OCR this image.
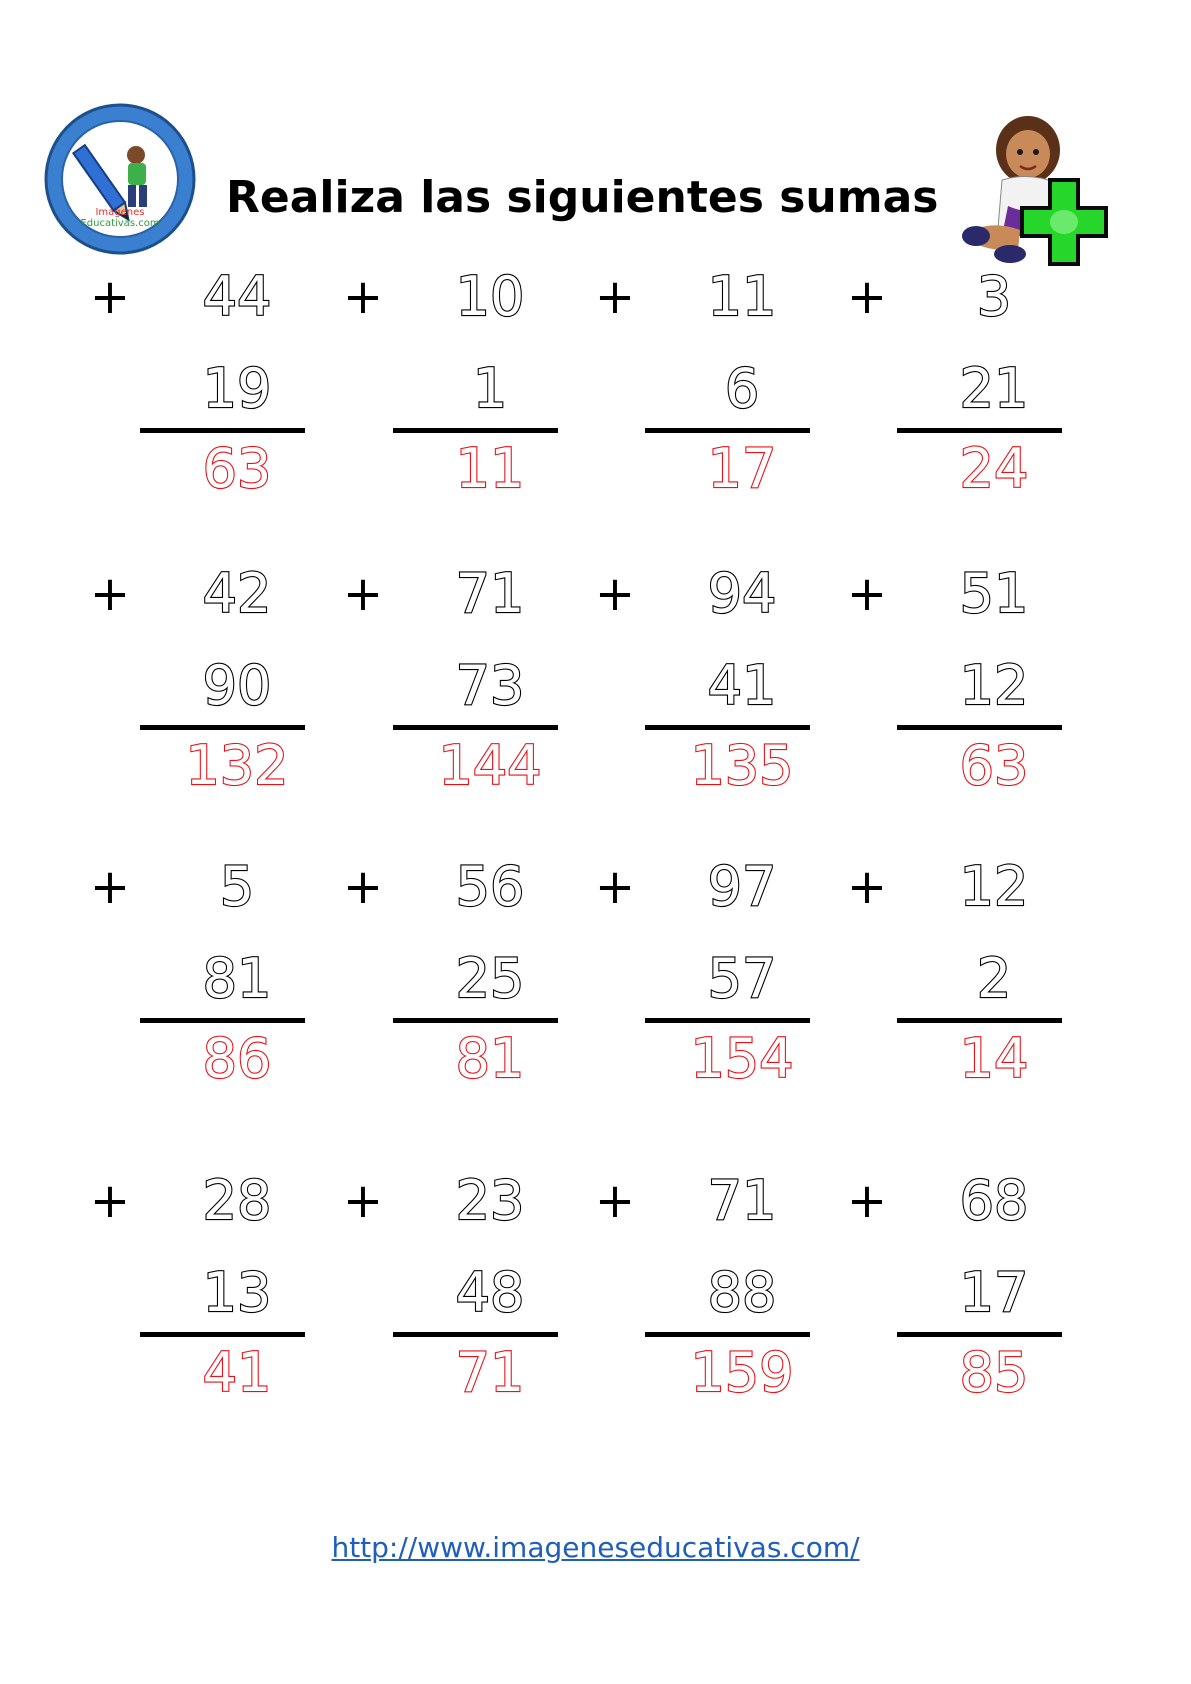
Imagenes
Educativas.com
Realiza las siguientes sumas
+	44
19
63
+	10
1
11
+	11
6
17
+	3
21
24
+	42
90
132
+	71
73
144
+	94
41
135
+	51
12
63
+	5
81
86
+	56
25
81
+	97
57
154
+	12
2
14
+	28
13
41
+	23
48
71
+	71
88
159
+	68
17
85
http://www.imageneseducativas.com/
